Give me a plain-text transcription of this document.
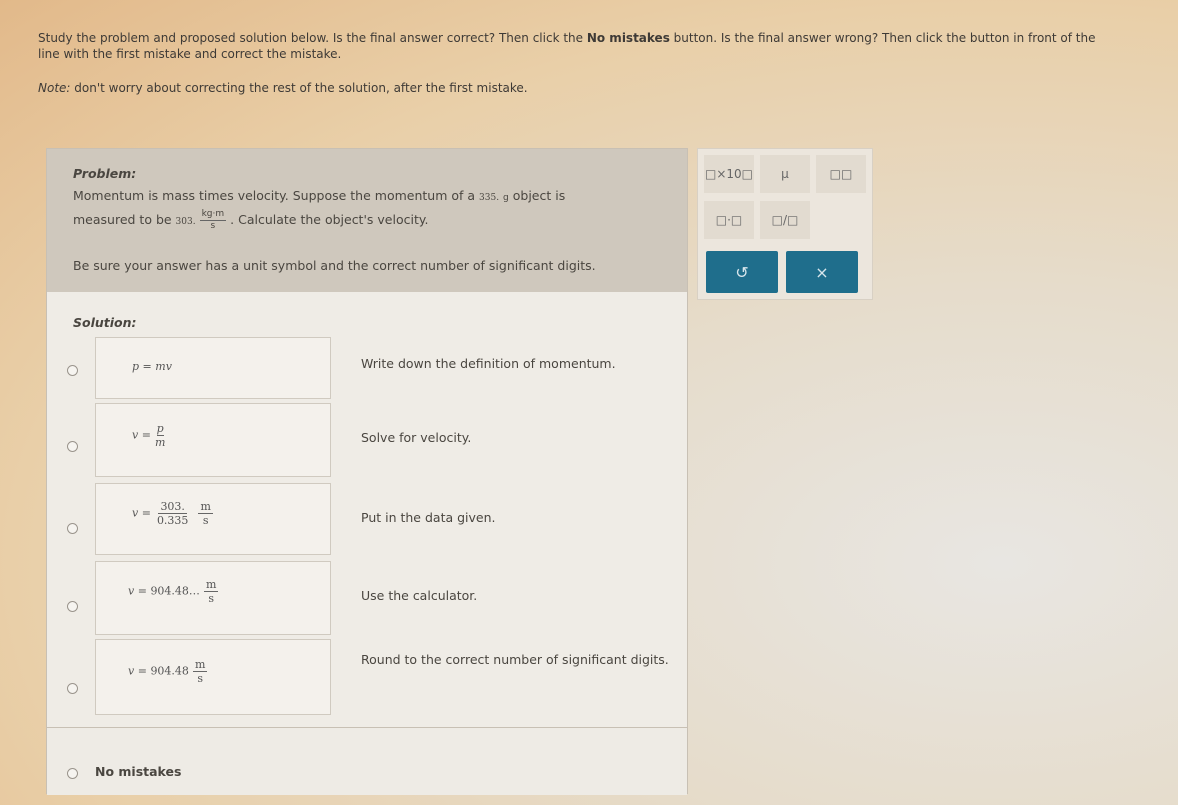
Study the problem and proposed solution below. Is the final answer correct? Then click the No mistakes button. Is the final answer wrong? Then click the button in front of the line with the first mistake and correct the mistake.
Note: don't worry about correcting the rest of the solution, after the first mistake.
Problem:
Momentum is mass times velocity. Suppose the momentum of a 335. g object is
measured to be 303. $\frac{kg\cdot m}{s}$ . Calculate the object's velocity.

Be sure your answer has a unit symbol and the correct number of significant digits.
Solution:
p = mv	Write down the definition of momentum.
$v = \frac{p}{m}$	Solve for velocity.
$v = \frac{303.}{0.335} \frac{m}{s}$	Put in the data given.
v = 904.48… $\frac{m}{s}$	Use the calculator.
$v = 904.48 \frac{m}{s}$	Round to the correct number of significant digits.
No mistakes
□×10□	μ	□□
□·□	□/□
↺	×
